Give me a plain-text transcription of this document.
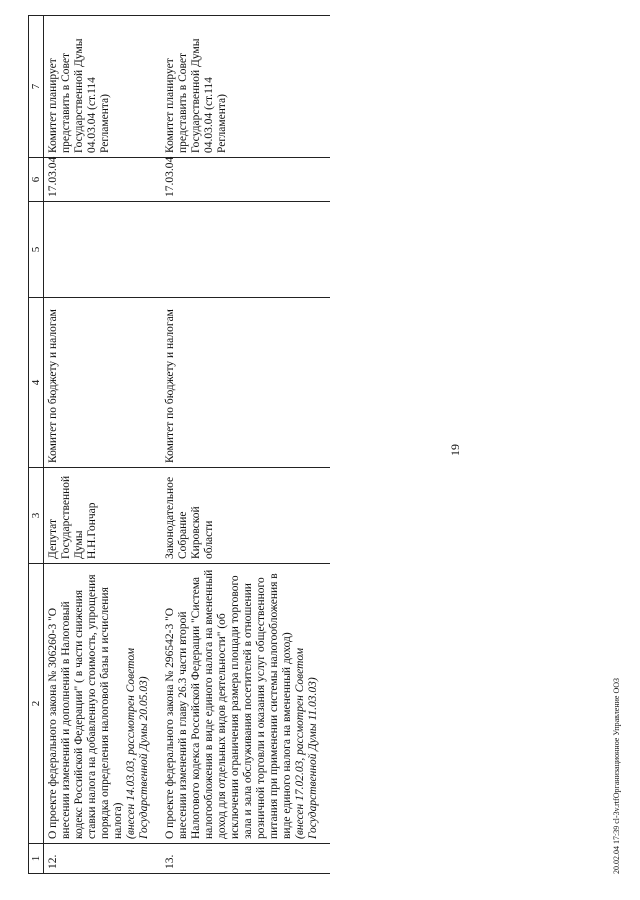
1	2	3	4	5	6	7
12.	О проекте федерального закона № 306260-3 "О внесении изменений и дополнений в Налоговый кодекс Российской Федерации" ( в части снижения ставки налога на добавленную стоимость, упрощения порядка определения налоговой базы и исчисления налога) (внесен 14.03.03, рассмотрен Советом Государственной Думы 20.05.03)	Депутат Государственной Думы Н.Н.Гончар	Комитет по бюджету и налогам		17.03.04	Комитет планирует представить в Совет Государственной Думы 04.03.04 (ст.114 Регламента)
13.	О проекте федерального закона № 296542-3 "О внесении изменений в главу 26.3 части второй Налогового кодекса Российской Федерации "Система налогообложения в виде единого налога на вмененный доход для отдельных видов деятельности" (об исключении ограничения размера площади торгового зала и зала обслуживания посетителей в отношении розничной торговли и оказания услуг общественного питания при применении системы налогообложения в виде единого налога на вмененный доход) (внесен 17.02.03, рассмотрен Советом Государственной Думы 11.03.03)	Законодательное Собрание Кировской области	Комитет по бюджету и налогам		17.03.04	Комитет планирует представить в Совет Государственной Думы 04.03.04 (ст.114 Регламента)
19
20.02.04 17:39 cl-3v.rtfОрганизационное Управление ООЗ
